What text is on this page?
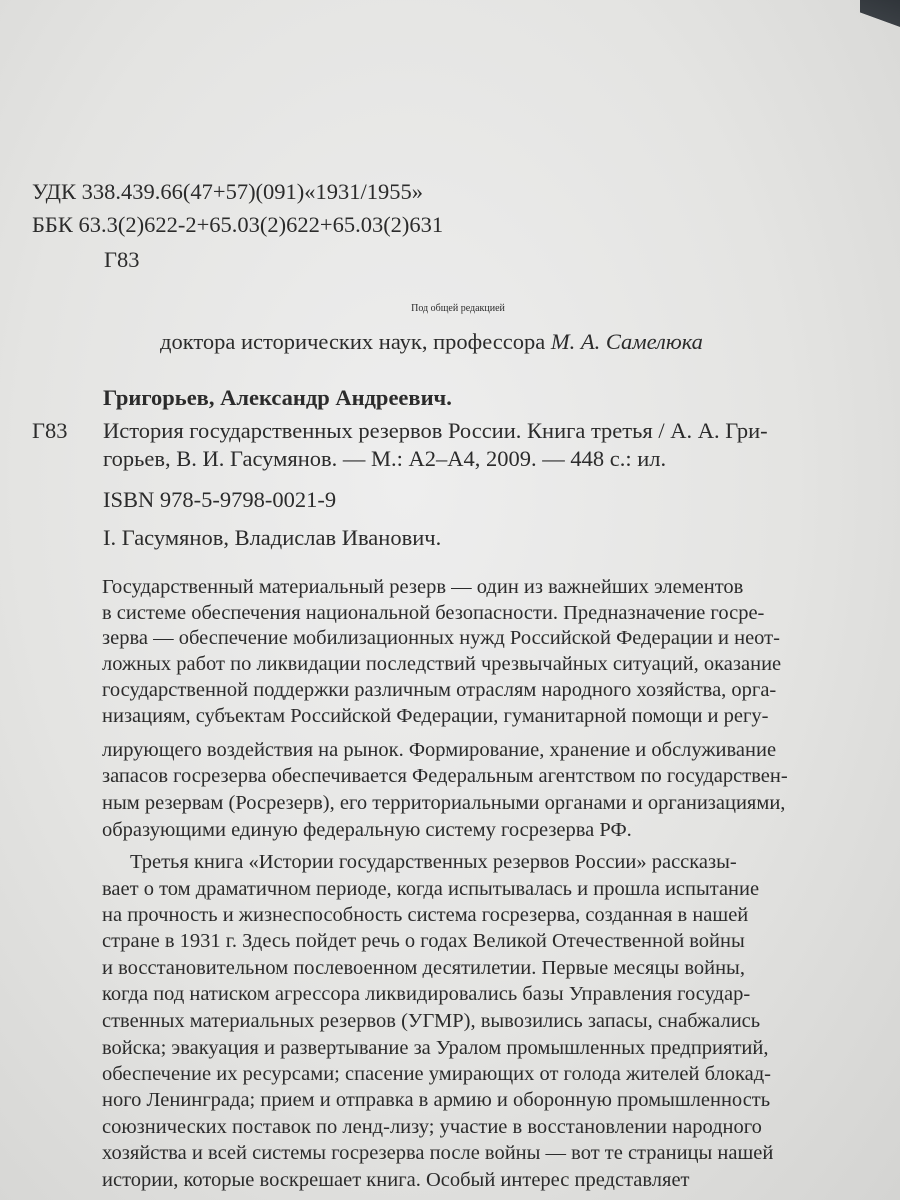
УДК 338.439.66(47+57)(091)«1931/1955»
ББК 63.3(2)622-2+65.03(2)622+65.03(2)631
Г83
Под общей редакцией
доктора исторических наук, профессора М. А. Самелюка
Григорьев, Александр Андреевич.
Г83 История государственных резервов России. Книга третья / А. А. Гри-
горьев, В. И. Гасумянов. — М.: А2–А4, 2009. — 448 с.: ил.
ISBN 978-5-9798-0021-9
I. Гасумянов, Владислав Иванович.
Государственный материальный резерв — один из важнейших элементов
в системе обеспечения национальной безопасности. Предназначение госре-
зерва — обеспечение мобилизационных нужд Российской Федерации и неот-
ложных работ по ликвидации последствий чрезвычайных ситуаций, оказание
государственной поддержки различным отраслям народного хозяйства, орга-
низациям, субъектам Российской Федерации, гуманитарной помощи и регу-
лирующего воздействия на рынок. Формирование, хранение и обслуживание
запасов госрезерва обеспечивается Федеральным агентством по государствен-
ным резервам (Росрезерв), его территориальными органами и организациями,
образующими единую федеральную систему госрезерва РФ.
Третья книга «Истории государственных резервов России» рассказы-
вает о том драматичном периоде, когда испытывалась и прошла испытание
на прочность и жизнеспособность система госрезерва, созданная в нашей
стране в 1931 г. Здесь пойдет речь о годах Великой Отечественной войны
и восстановительном послевоенном десятилетии. Первые месяцы войны,
когда под натиском агрессора ликвидировались базы Управления государ-
ственных материальных резервов (УГМР), вывозились запасы, снабжались
войска; эвакуация и развертывание за Уралом промышленных предприятий,
обеспечение их ресурсами; спасение умирающих от голода жителей блокад-
ного Ленинграда; прием и отправка в армию и оборонную промышленность
союзнических поставок по ленд-лизу; участие в восстановлении народного
хозяйства и всей системы госрезерва после войны — вот те страницы нашей
истории, которые воскрешает книга. Особый интерес представляет
